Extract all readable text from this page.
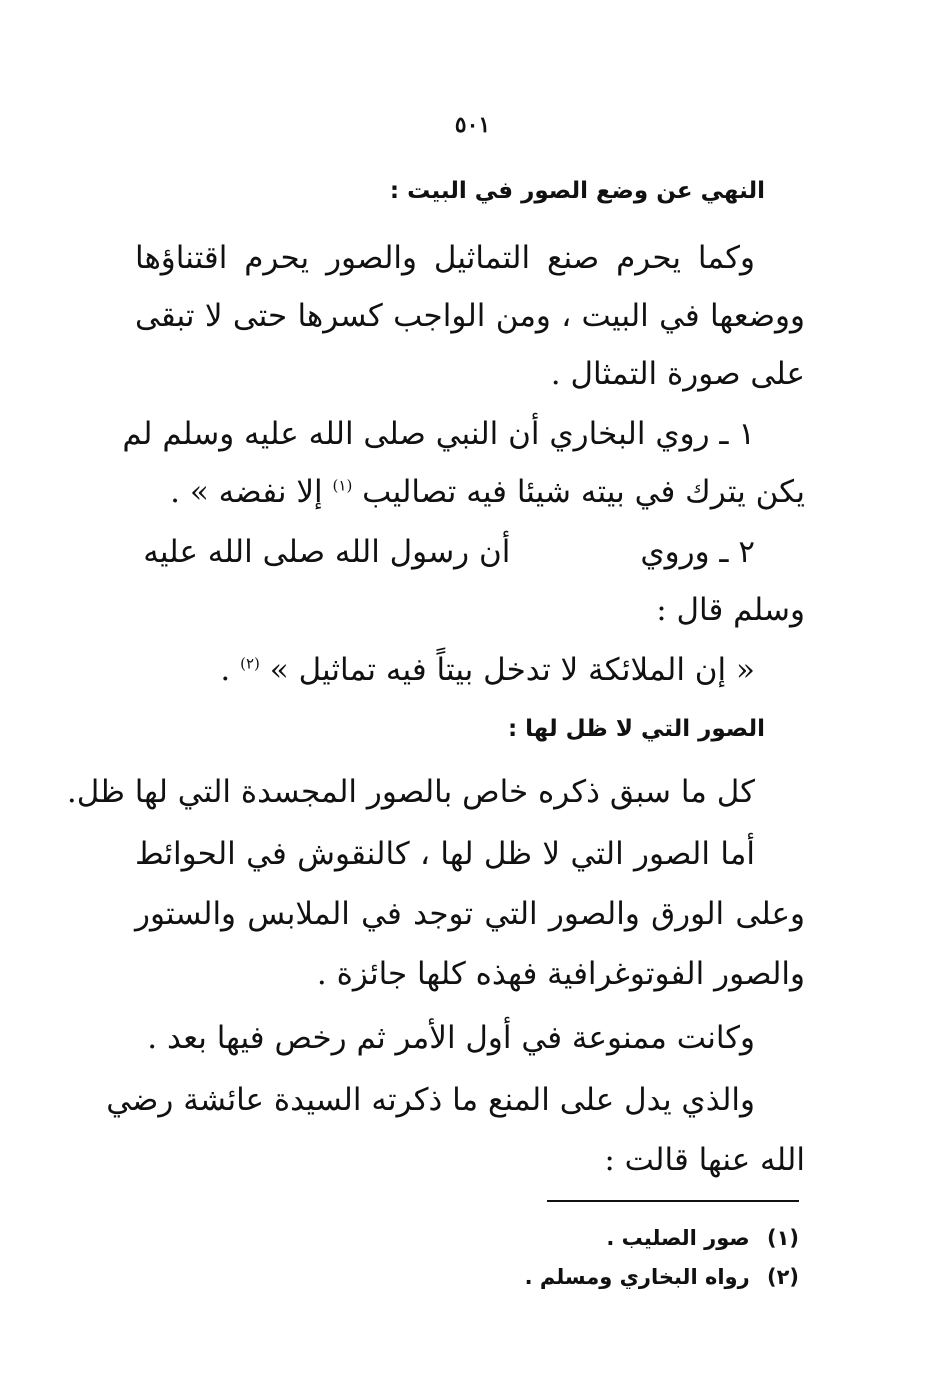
٥٠١
النهي عن وضع الصور في البيت :
وكما يحرم صنع التماثيل والصور يحرم اقتناؤها
ووضعها في البيت ، ومن الواجب كسرها حتى لا تبقى
على صورة التمثال .
١ ـ روي البخاري أن النبي صلى الله عليه وسلم لم
يكن يترك في بيته شيئا فيه تصاليب $^{(١)}$ إلا نفضه » .
٢ ـ ورويأن رسول الله صلى الله عليه
وسلم قال :
« إن الملائكة لا تدخل بيتاً فيه تماثيل » $^{(٢)}$ .
الصور التي لا ظل لها :
كل ما سبق ذكره خاص بالصور المجسدة التي لها ظل.
أما الصور التي لا ظل لها ، كالنقوش في الحوائط
وعلى الورق والصور التي توجد في الملابس والستور
والصور الفوتوغرافية فهذه كلها جائزة .
وكانت ممنوعة في أول الأمر ثم رخص فيها بعد .
والذي يدل على المنع ما ذكرته السيدة عائشة رضي
الله عنها قالت :
(١) صور الصليب .
(٢) رواه البخاري ومسلم .
